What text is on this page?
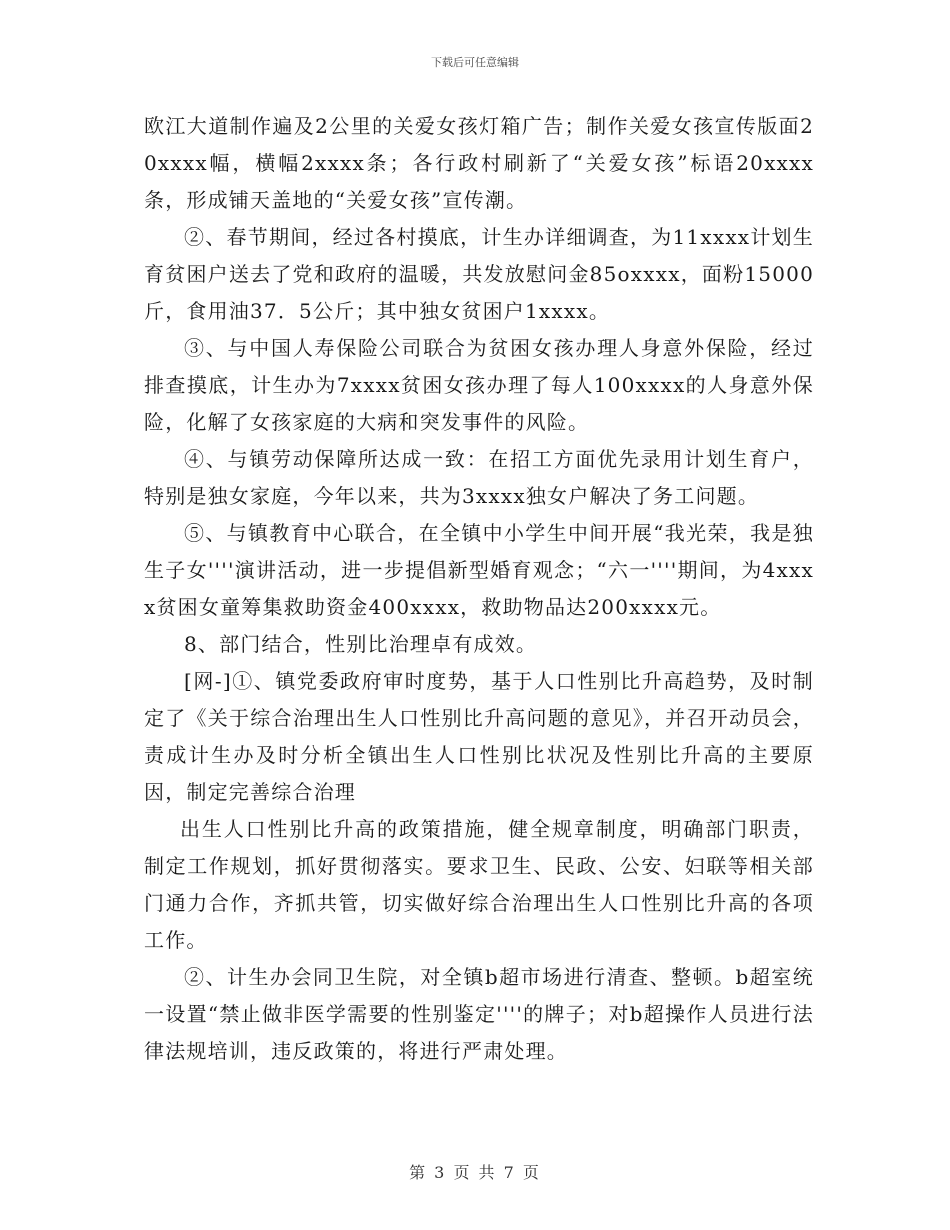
下载后可任意编辑

欧江大道制作遍及2公里的关爱女孩灯箱广告；制作关爱女孩宣传版面20xxxx幅，横幅2xxxx条；各行政村刷新了“关爱女孩”标语20xxxx条，形成铺天盖地的“关爱女孩”宣传潮。

②、春节期间，经过各村摸底，计生办详细调查，为11xxxx计划生育贫困户送去了党和政府的温暖，共发放慰问金85oxxxx，面粉15000斤，食用油37．5公斤；其中独女贫困户1xxxx。

③、与中国人寿保险公司联合为贫困女孩办理人身意外保险，经过排查摸底，计生办为7xxxx贫困女孩办理了每人100xxxx的人身意外保险，化解了女孩家庭的大病和突发事件的风险。

④、与镇劳动保障所达成一致：在招工方面优先录用计划生育户，特别是独女家庭，今年以来，共为3xxxx独女户解决了务工问题。

⑤、与镇教育中心联合，在全镇中小学生中间开展“我光荣，我是独生子女''''演讲活动，进一步提倡新型婚育观念；“六一''''期间，为4xxxx贫困女童筹集救助资金400xxxx，救助物品达200xxxx元。

8、部门结合，性别比治理卓有成效。

[网-]①、镇党委政府审时度势，基于人口性别比升高趋势，及时制定了《关于综合治理出生人口性别比升高问题的意见》，并召开动员会，责成计生办及时分析全镇出生人口性别比状况及性别比升高的主要原因，制定完善综合治理

出生人口性别比升高的政策措施，健全规章制度，明确部门职责，制定工作规划，抓好贯彻落实。要求卫生、民政、公安、妇联等相关部门通力合作，齐抓共管，切实做好综合治理出生人口性别比升高的各项工作。

②、计生办会同卫生院，对全镇b超市场进行清查、整顿。b超室统一设置“禁止做非医学需要的性别鉴定''''的牌子；对b超操作人员进行法律法规培训，违反政策的，将进行严肃处理。

第 3 页 共 7 页
